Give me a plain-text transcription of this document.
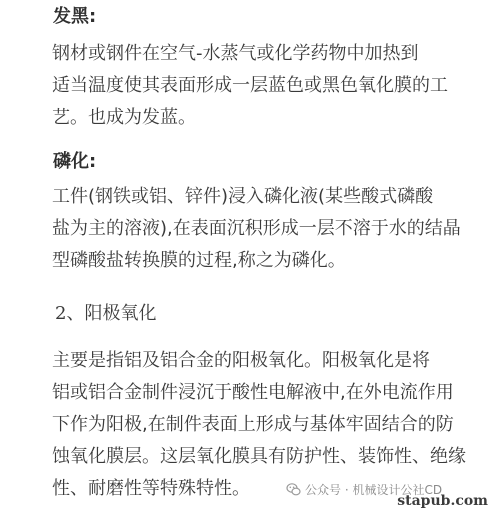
发黑:
钢材或钢件在空气-水蒸气或化学药物中加热到
适当温度使其表面形成一层蓝色或黑色氧化膜的工
艺。也成为发蓝。
磷化:
工件(钢铁或铝、锌件)浸入磷化液(某些酸式磷酸
盐为主的溶液),在表面沉积形成一层不溶于水的结晶
型磷酸盐转换膜的过程,称之为磷化。
2、阳极氧化
主要是指铝及铝合金的阳极氧化。阳极氧化是将
铝或铝合金制件浸沉于酸性电解液中,在外电流作用
下作为阳极,在制件表面上形成与基体牢固结合的防
蚀氧化膜层。这层氧化膜具有防护性、装饰性、绝缘
性、耐磨性等特殊特性。	公众号 · 机械设计公社CD
stapub.com
